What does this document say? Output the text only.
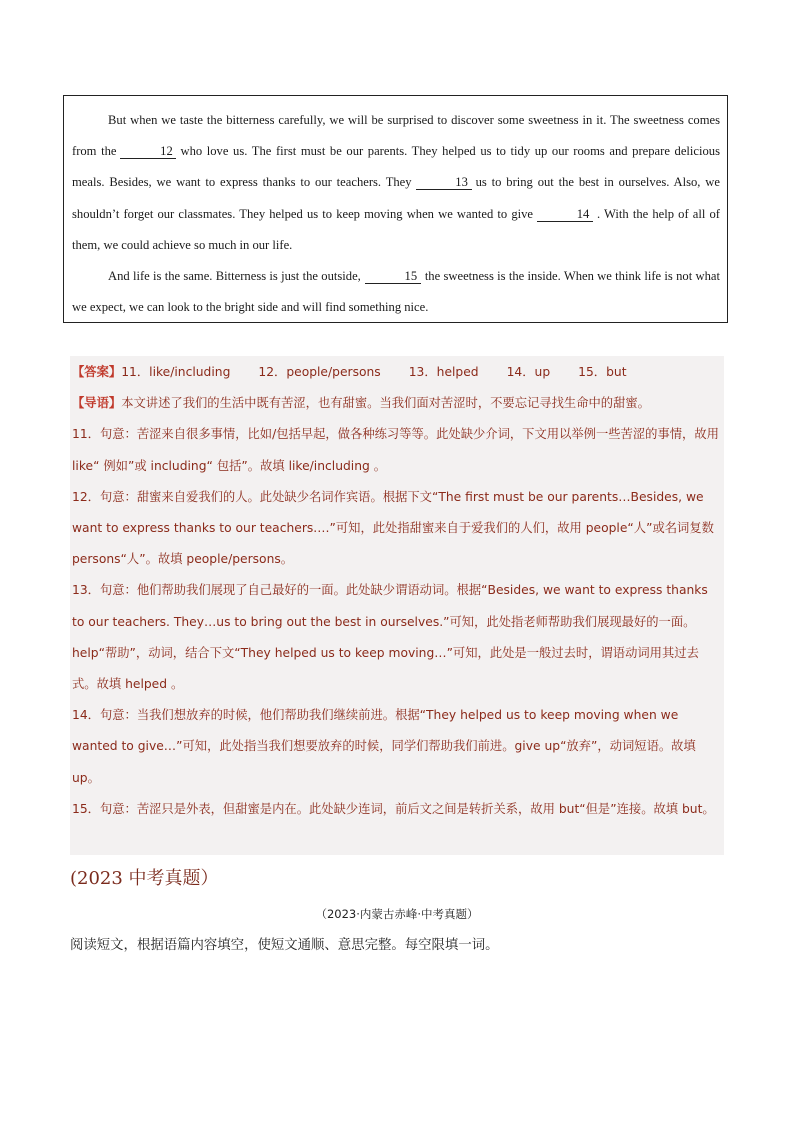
But when we taste the bitterness carefully, we will be surprised to discover some sweetness in it. The sweetness comes from the	12 who love us. The first must be our parents. They helped us to tidy up our rooms and prepare delicious meals. Besides, we want to express thanks to our teachers. They	13 us to bring out the best in ourselves. Also, we shouldn’t forget our classmates. They helped us to keep moving when we wanted to give	14 . With the help of all of them, we could achieve so much in our life.

And life is the same. Bitterness is just the outside,	15 the sweetness is the inside. When we think life is not what we expect, we can look to the bright side and will find something nice.

【答案】11．like/including 12．people/persons 13．helped 14．up 15．but

【导语】本文讲述了我们的生活中既有苦涩，也有甜蜜。当我们面对苦涩时，不要忘记寻找生命中的甜蜜。

11．句意：苦涩来自很多事情，比如/包括早起，做各种练习等等。此处缺少介词，下文用以举例一些苦涩的事情，故用 like“ 例如”或 including“ 包括”。故填 like/including 。

12．句意：甜蜜来自爱我们的人。此处缺少名词作宾语。根据下文“The first must be our parents…Besides, we want to express thanks to our teachers.…”可知，此处指甜蜜来自于爱我们的人们，故用 people“人”或名词复数 persons“人”。故填 people/persons。

13．句意：他们帮助我们展现了自己最好的一面。此处缺少谓语动词。根据“Besides, we want to express thanks to our teachers. They…us to bring out the best in ourselves.”可知，此处指老师帮助我们展现最好的一面。help“帮助”，动词，结合下文“They helped us to keep moving…”可知，此处是一般过去时，谓语动词用其过去式。故填 helped 。

14．句意：当我们想放弃的时候，他们帮助我们继续前进。根据“They helped us to keep moving when we wanted to give…”可知，此处指当我们想要放弃的时候，同学们帮助我们前进。give up“放弃”，动词短语。故填 up。

15．句意：苦涩只是外表，但甜蜜是内在。此处缺少连词，前后文之间是转折关系，故用 but“但是”连接。故填 but。

(2023 中考真题）
（2023·内蒙古赤峰·中考真题）
阅读短文，根据语篇内容填空，使短文通顺、意思完整。每空限填一词。
